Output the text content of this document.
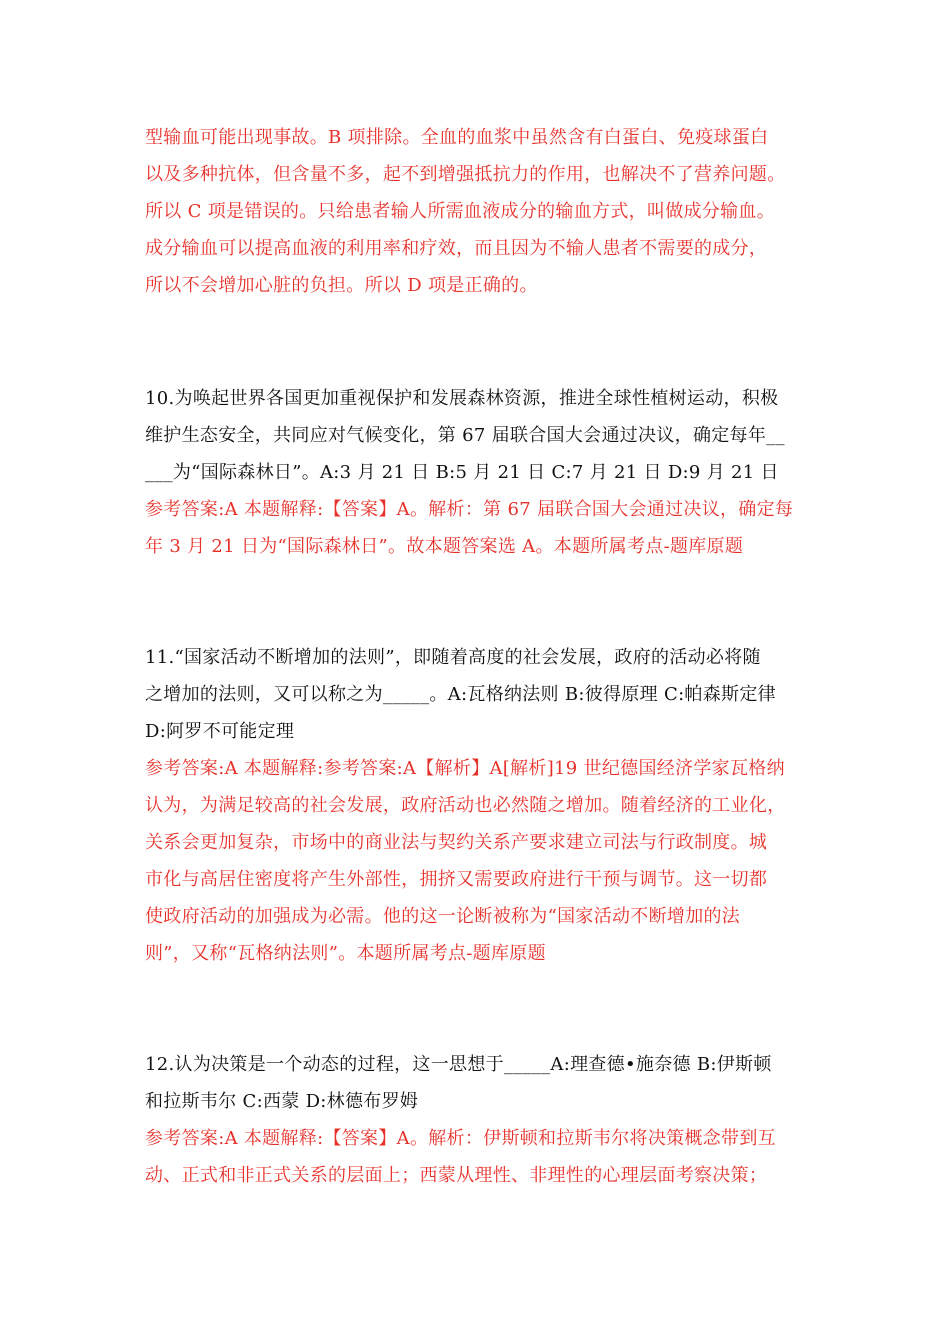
型输血可能出现事故。B 项排除。全血的血浆中虽然含有白蛋白、免疫球蛋白
以及多种抗体，但含量不多，起不到增强抵抗力的作用，也解决不了营养问题。
所以 C 项是错误的。只给患者输人所需血液成分的输血方式，叫做成分输血。
成分输血可以提高血液的利用率和疗效，而且因为不输人患者不需要的成分，
所以不会增加心脏的负担。所以 D 项是正确的。
10.为唤起世界各国更加重视保护和发展森林资源，推进全球性植树运动，积极
维护生态安全，共同应对气候变化，第 67 届联合国大会通过决议，确定每年__
___为“国际森林日”。A:3 月 21 日 B:5 月 21 日 C:7 月 21 日 D:9 月 21 日
参考答案:A 本题解释:【答案】A。解析：第 67 届联合国大会通过决议，确定每
年 3 月 21 日为“国际森林日”。故本题答案选 A。本题所属考点-题库原题
11.“国家活动不断增加的法则”，即随着高度的社会发展，政府的活动必将随
之增加的法则，又可以称之为_____。A:瓦格纳法则 B:彼得原理 C:帕森斯定律
D:阿罗不可能定理
参考答案:A 本题解释:参考答案:A【解析】A[解析]19 世纪德国经济学家瓦格纳
认为，为满足较高的社会发展，政府活动也必然随之增加。随着经济的工业化，
关系会更加复杂，市场中的商业法与契约关系产要求建立司法与行政制度。城
市化与高居住密度将产生外部性，拥挤又需要政府进行干预与调节。这一切都
使政府活动的加强成为必需。他的这一论断被称为“国家活动不断增加的法
则”，又称“瓦格纳法则”。本题所属考点-题库原题
12.认为决策是一个动态的过程，这一思想于_____A:理查德•施奈德 B:伊斯顿
和拉斯韦尔 C:西蒙 D:林德布罗姆
参考答案:A 本题解释:【答案】A。解析：伊斯顿和拉斯韦尔将决策概念带到互
动、正式和非正式关系的层面上；西蒙从理性、非理性的心理层面考察决策；
